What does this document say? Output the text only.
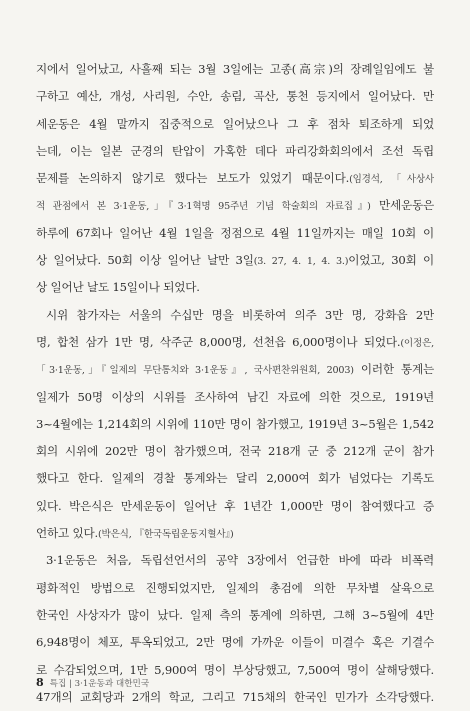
지에서 일어났고, 사흘째 되는 3월 3일에는 고종(高宗)의 장례일임에도 불
구하고 예산, 개성, 사리원, 수안, 송림, 곡산, 통천 등지에서 일어났다. 만
세운동은 4월 말까지 집중적으로 일어났으나 그 후 점차 퇴조하게 되었
는데, 이는 일본 군경의 탄압이 가혹한 데다 파리강화회의에서 조선 독립
문제를 논의하지 않기로 했다는 보도가 있었기 때문이다.(임경석, 「사상사
적 관점에서 본 3·1운동,」『3·1혁명 95주년 기념 학술회의 자료집』) 만세운동은
하루에 67회나 일어난 4월 1일을 정점으로 4월 11일까지는 매일 10회 이
상 일어났다. 50회 이상 일어난 날만 3일(3. 27, 4. 1, 4. 3.)이었고, 30회 이
상 일어난 날도 15일이나 되었다.
시위 참가자는 서울의 수십만 명을 비롯하여 의주 3만 명, 강화읍 2만
명, 합천 삼가 1만 명, 삭주군 8,000명, 선천읍 6,000명이나 되었다.(이정은,
「3·1운동,」『일제의 무단통치와 3·1운동』, 국사편찬위원회, 2003) 이러한 통계는
일제가 50명 이상의 시위를 조사하여 남긴 자료에 의한 것으로, 1919년
3~4월에는 1,214회의 시위에 110만 명이 참가했고, 1919년 3~5월은 1,542
회의 시위에 202만 명이 참가했으며, 전국 218개 군 중 212개 군이 참가
했다고 한다. 일제의 경찰 통계와는 달리 2,000여 회가 넘었다는 기록도
있다. 박은식은 만세운동이 일어난 후 1년간 1,000만 명이 참여했다고 증
언하고 있다.(박은식, 『한국독립운동지혈사』)
3·1운동은 처음, 독립선언서의 공약 3장에서 언급한 바에 따라 비폭력
평화적인 방법으로 진행되었지만, 일제의 총검에 의한 무차별 살육으로
한국인 사상자가 많이 났다. 일제 측의 통계에 의하면, 그해 3~5월에 4만
6,948명이 체포, 투옥되었고, 2만 명에 가까운 이들이 미결수 혹은 기결수
로 수감되었으며, 1만 5,900여 명이 부상당했고, 7,500여 명이 살해당했다.
47개의 교회당과 2개의 학교, 그리고 715채의 한국인 민가가 소각당했다.
8 특집 | 3·1운동과 대한민국
